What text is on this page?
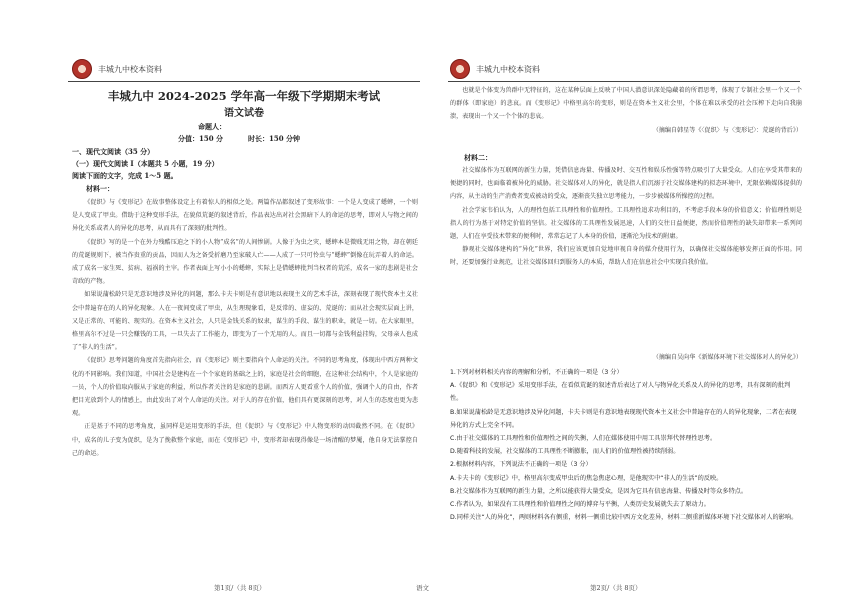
丰城九中校本资料
丰城九中 2024-2025 学年高一年级下学期期末考试
语文试卷
命题人：
分值：150 分	时长：150 分钟
一、现代文阅读（35 分）
（一）现代文阅读 I（本题共 5 小题，19 分）
阅读下面的文字，完成 1～5 题。
材料一：

《促织》与《变形记》在故事整体设定上有着惊人的相似之处。两篇作品都叙述了变形故事：一个是人变成了蟋蟀，一个则是人变成了甲虫。借助于这种变形手法，在貌似荒诞的叙述背后，作品表达出对社会黑暗下人的命运的思考，即对人与物之间的异化关系或者人的异化的思考，从而具有了深刻的批判性。

《促织》写的是一个在外力残酷压迫之下的小人物“成名”的人间惨剧。人像于为虫之灾，蟋蟀本是微贱无用之物，却在朝廷的荒诞规则下，被当作贵重的贡品，因而人为之备受折磨乃至家破人亡——人成了一只可怜虫与“蟋蟀”倒像在玩弄着人的命运。成了成名一家生死、贫病、福祸的主宰。作者表面上写小小的蟋蟀，实际上是借蟋蟀批判当权者的荒淫，成名一家的悲剧是社会苛政的产物。

如果说蒲松龄只是无意识地涉及异化的问题，那么卡夫卡则是有意识地以表现主义的艺术手法，深刻表现了现代资本主义社会中普遍存在的人的异化现象。人在一夜间变成了甲虫，从生理现象看，是反常的、虚妄的、荒诞的；而从社会现实层面上讲，又是正常的、可能的、现实的。在资本主义社会，人只是金钱关系的奴隶，谋生的手段、谋生的职业，就是一切。在大家眼里，格里高尔不过是一只会赚钱的工具，一旦失去了工作能力，即变为了一个无用的人。而且一切都与金钱利益挂钩，父母亲人也成了“非人的生活”。

《促织》思考问题的角度首先指向社会，而《变形记》则主要指向个人命运的关注。不同的思考角度，体现出中西方两种文化的不同影响。我们知道，中国社会是建构在一个个家庭的基础之上的，家庭是社会的细胞，在这种社会结构中，个人是家庭的一员，个人的价值取向服从于家庭的利益，所以作者关注的是家庭的悲剧。而西方人更看重个人的价值，强调个人的自由，作者把目光放到个人的情感上，由此发出了对个人命运的关注。对于人的存在价值，他们具有更深刻的思考，对人生的态度也更为悲观。

正是基于不同的思考角度，虽同样是运用变形的手法，但《促织》与《变形记》中人物变形的动因截然不同。在《促织》中，成名的儿子变为促织，是为了挽救整个家庭，而在《变形记》中，变形者却表现得像是一场清醒的梦魇，他自身无法掌控自己的命运。

第1页/（共 8页）	语文
丰城九中校本资料

也就是个体变为兽群中无特征的，这在某种层面上反映了中国人潜意识深处隐藏着的所谓思考，体现了专制社会里一个又一个的群体（即家庭）的悲哀。而《变形记》中格里高尔的变形，则是在资本主义社会里，个体在难以承受的社会压榨下走向自我崩溃，表现出一个又一个个体的悲哀。

（摘编自韩星等《〈促织〉与〈变形记〉：荒诞的背后》）

材料二：

社交媒体作为互联网的新生力量，凭借信息海量、传播及时、交互性和娱乐性强等特点吸引了大量受众。人们在享受其带来的便捷的同时，也面临着被异化的威胁。社交媒体对人的异化，就是指人们沉溺于社交媒体建构的拟态环境中，无限依赖媒体提供的内容，从主动的生产消费者变成被动的受众，逐渐丧失独立思考能力，一步步被媒体所操控的过程。

社会学家韦伯认为，人的理性包括工具理性和价值理性。工具理性追求功利目的，不考虑手段本身的价值意义；价值理性则是指人的行为基于对特定价值的坚信。社交媒体的工具理性发展迅速，人们的交往日益便捷，然而价值理性的缺失却带来一系列问题，人们在享受技术带来的便利时，常常忘记了人本身的价值，逐渐沦为技术的附庸。

静观社交媒体建构的“异化”世界，我们应该更加自觉地审视自身的媒介使用行为，以确保社交媒体能够发挥正面的作用。同时，还要加强行业规范，让社交媒体回归到服务人的本质，帮助人们在信息社会中实现自我价值。

（摘编自吴向华《新媒体环境下社交媒体对人的异化》）

1.下列对材料相关内容的理解和分析，不正确的一项是（3 分）

A.《促织》和《变形记》采用变形手法，在看似荒诞的叙述背后表达了对人与物异化关系及人的异化的思考，具有深刻的批判性。

B.如果说蒲松龄是无意识地涉及异化问题，卡夫卡则是有意识地表现现代资本主义社会中普遍存在的人的异化现象，二者在表现异化的方式上完全不同。

C.由于社交媒体的工具理性和价值理性之间的失衡，人们在媒体使用中用工具崇拜代替理性思考。

D.随着科技的发展，社交媒体的工具理性不断膨胀，而人们的价值理性被持续削弱。

2.根据材料内容，下列说法不正确的一项是（3 分）

A.卡夫卡的《变形记》中，格里高尔变成甲虫后的焦急焦虑心理，是他现实中“非人的生活”的反映。

B.社交媒体作为互联网的新生力量，之所以能获得大量受众，是因为它具有信息海量、传播及时等众多特点。

C.作者认为，如果没有工具理性和价值理性之间的博弈与平衡，人类历史发展就失去了原动力。

D.同样关注“人的异化”，两则材料各有侧重，材料一侧重比较中西方文化差异，材料二侧重新媒体环境下社交媒体对人的影响。

第2页/（共 8页）
